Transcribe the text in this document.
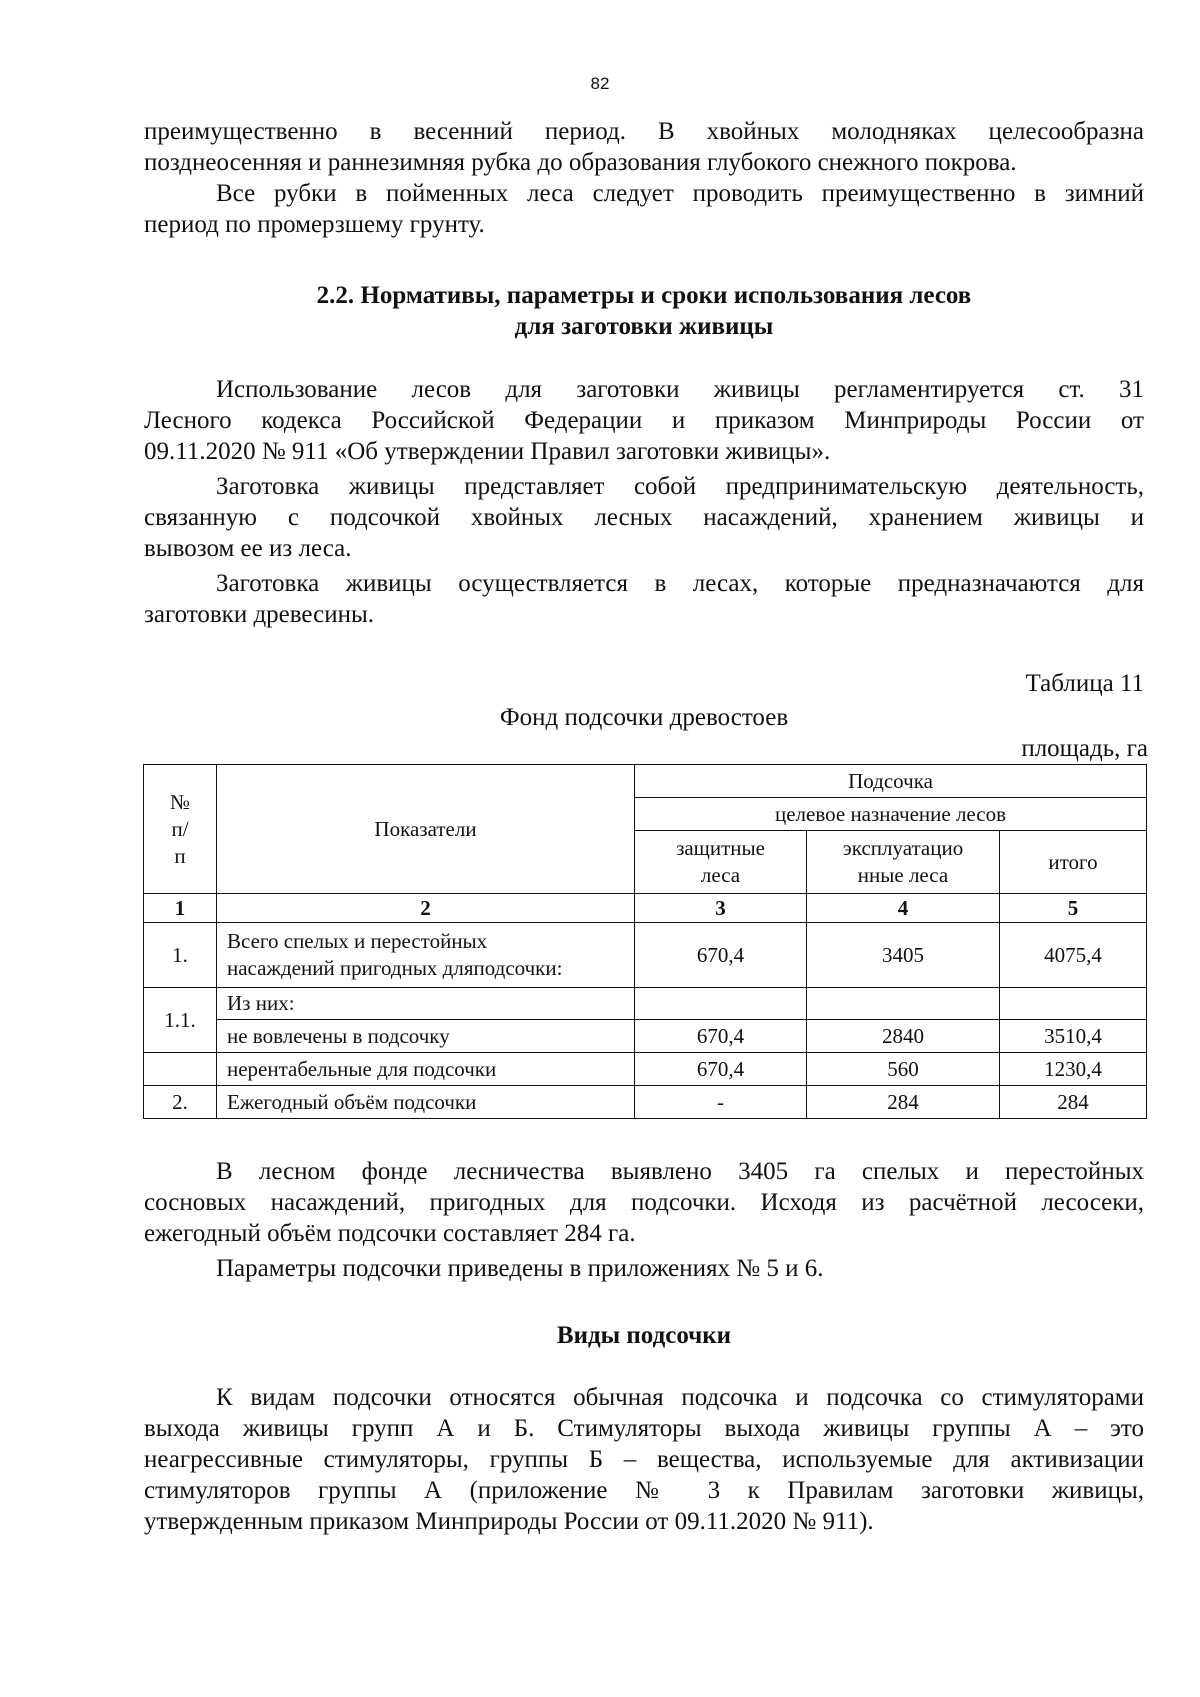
82
преимущественно в весенний период. В хвойных молодняках целесообразна
позднеосенняя и раннезимняя рубка до образования глубокого снежного покрова.
Все рубки в пойменных леса следует проводить преимущественно в зимний
период по промерзшему грунту.
2.2. Нормативы, параметры и сроки использования лесов
для заготовки живицы
Использование лесов для заготовки живицы регламентируется ст. 31
Лесного кодекса Российской Федерации и приказом Минприроды России от
09.11.2020 № 911 «Об утверждении Правил заготовки живицы».
Заготовка живицы представляет собой предпринимательскую деятельность,
связанную с подсочкой хвойных лесных насаждений, хранением живицы и
вывозом ее из леса.
Заготовка живицы осуществляется в лесах, которые предназначаются для
заготовки древесины.
Таблица 11
Фонд подсочки древостоев
площадь, га
№ п/п	Показатели	Подсочка		
		целевое назначение лесов		
		защитные леса	эксплуатацио нные леса	итого
1	2	3	4	5
1.	Всего спелых и перестойных насаждений пригодных дляподсочки:	670,4	3405	4075,4
1.1.	Из них:			
	не вовлечены в подсочку	670,4	2840	3510,4
	нерентабельные для подсочки	670,4	560	1230,4
2.	Ежегодный объём подсочки	-	284	284
В лесном фонде лесничества выявлено 3405 га спелых и перестойных
сосновых насаждений, пригодных для подсочки. Исходя из расчётной лесосеки,
ежегодный объём подсочки составляет 284 га.
Параметры подсочки приведены в приложениях № 5 и 6.
Виды подсочки
К видам подсочки относятся обычная подсочка и подсочка со стимуляторами
выхода живицы групп А и Б. Стимуляторы выхода живицы группы А – это
неагрессивные стимуляторы, группы Б – вещества, используемые для активизации
стимуляторов группы А (приложение № 3 к Правилам заготовки живицы,
утвержденным приказом Минприроды России от 09.11.2020 № 911).
